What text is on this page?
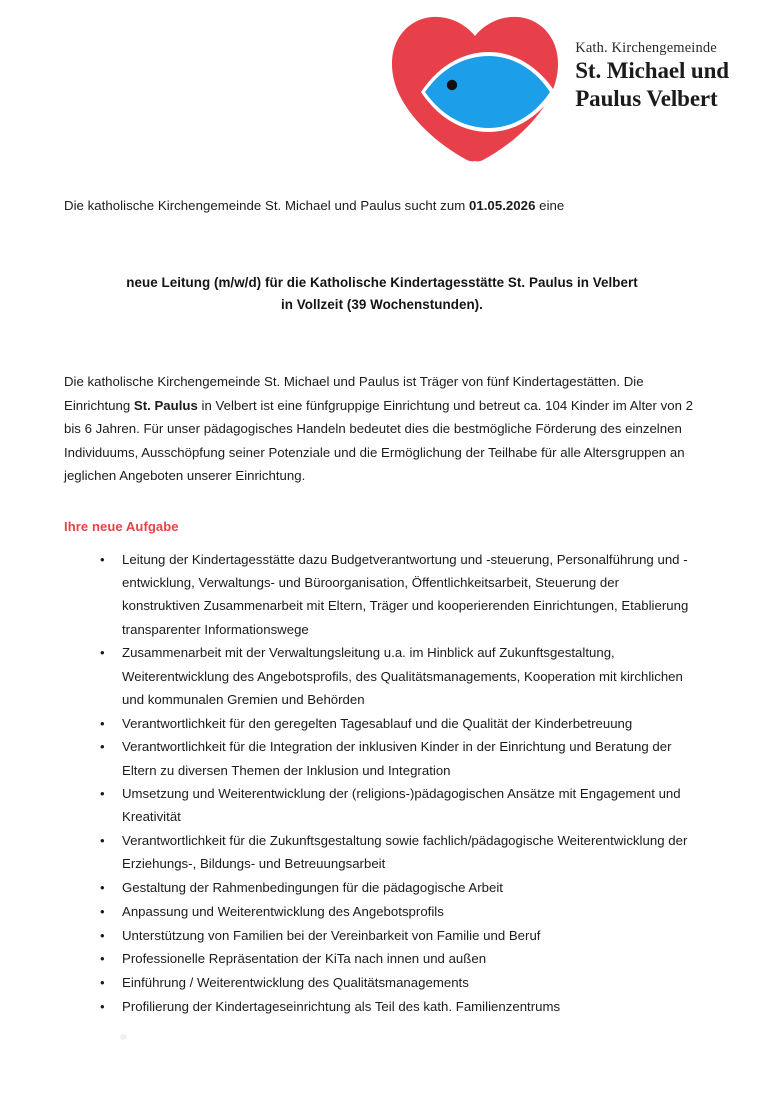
Kath. Kirchengemeinde
St. Michael und
Paulus Velbert

Die katholische Kirchengemeinde St. Michael und Paulus sucht zum 01.05.2026 eine

neue Leitung (m/w/d) für die Katholische Kindertagesstätte St. Paulus in Velbert
in Vollzeit (39 Wochenstunden).

Die katholische Kirchengemeinde St. Michael und Paulus ist Träger von fünf Kindertagestätten. Die Einrichtung St. Paulus in Velbert ist eine fünfgruppige Einrichtung und betreut ca. 104 Kinder im Alter von 2 bis 6 Jahren. Für unser pädagogisches Handeln bedeutet dies die bestmögliche Förderung des einzelnen Individuums, Ausschöpfung seiner Potenziale und die Ermöglichung der Teilhabe für alle Altersgruppen an jeglichen Angeboten unserer Einrichtung.

Ihre neue Aufgabe
• Leitung der Kindertagesstätte dazu Budgetverantwortung und -steuerung, Personalführung und -entwicklung, Verwaltungs- und Büroorganisation, Öffentlichkeitsarbeit, Steuerung der konstruktiven Zusammenarbeit mit Eltern, Träger und kooperierenden Einrichtungen, Etablierung transparenter Informationswege
• Zusammenarbeit mit der Verwaltungsleitung u.a. im Hinblick auf Zukunftsgestaltung, Weiterentwicklung des Angebotsprofils, des Qualitätsmanagements, Kooperation mit kirchlichen und kommunalen Gremien und Behörden
• Verantwortlichkeit für den geregelten Tagesablauf und die Qualität der Kinderbetreuung
• Verantwortlichkeit für die Integration der inklusiven Kinder in der Einrichtung und Beratung der Eltern zu diversen Themen der Inklusion und Integration
• Umsetzung und Weiterentwicklung der (religions-)pädagogischen Ansätze mit Engagement und Kreativität
• Verantwortlichkeit für die Zukunftsgestaltung sowie fachlich/pädagogische Weiterentwicklung der Erziehungs-, Bildungs- und Betreuungsarbeit
• Gestaltung der Rahmenbedingungen für die pädagogische Arbeit
• Anpassung und Weiterentwicklung des Angebotsprofils
• Unterstützung von Familien bei der Vereinbarkeit von Familie und Beruf
• Professionelle Repräsentation der KiTa nach innen und außen
• Einführung / Weiterentwicklung des Qualitätsmanagements
• Profilierung der Kindertageseinrichtung als Teil des kath. Familienzentrums
